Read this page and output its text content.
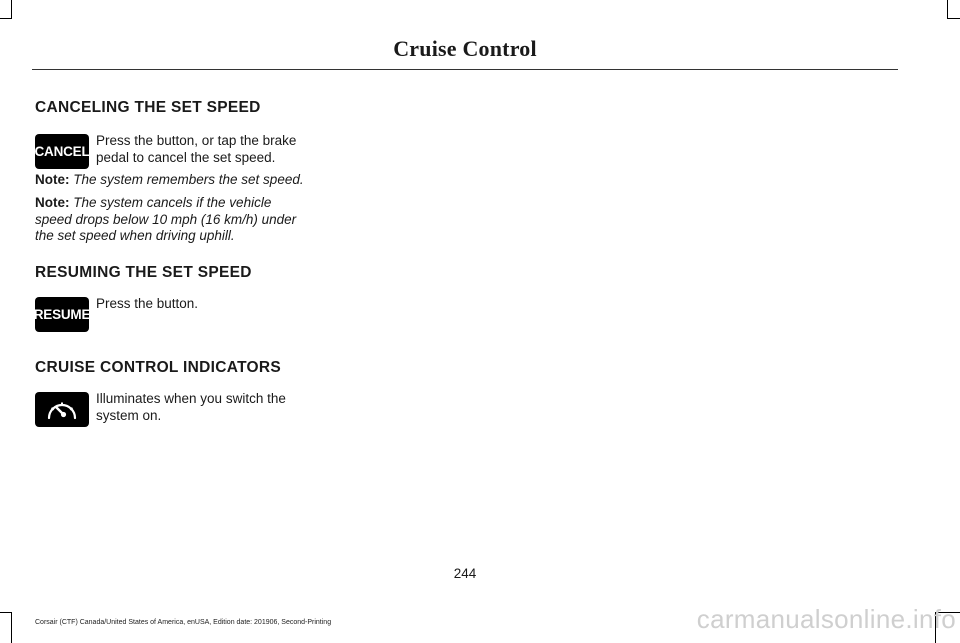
Cruise Control
CANCELING THE SET SPEED
CANCEL
Press the button, or tap the brake
pedal to cancel the set speed.

Note: The system remembers the set speed.

Note: The system cancels if the vehicle
speed drops below 10 mph (16 km/h) under
the set speed when driving uphill.

RESUMING THE SET SPEED
RESUME
Press the button.
CRUISE CONTROL INDICATORS
Illuminates when you switch the
system on.
244
Corsair (CTF) Canada/United States of America, enUSA, Edition date: 201906, Second-Printing	carmanualsonline.info
